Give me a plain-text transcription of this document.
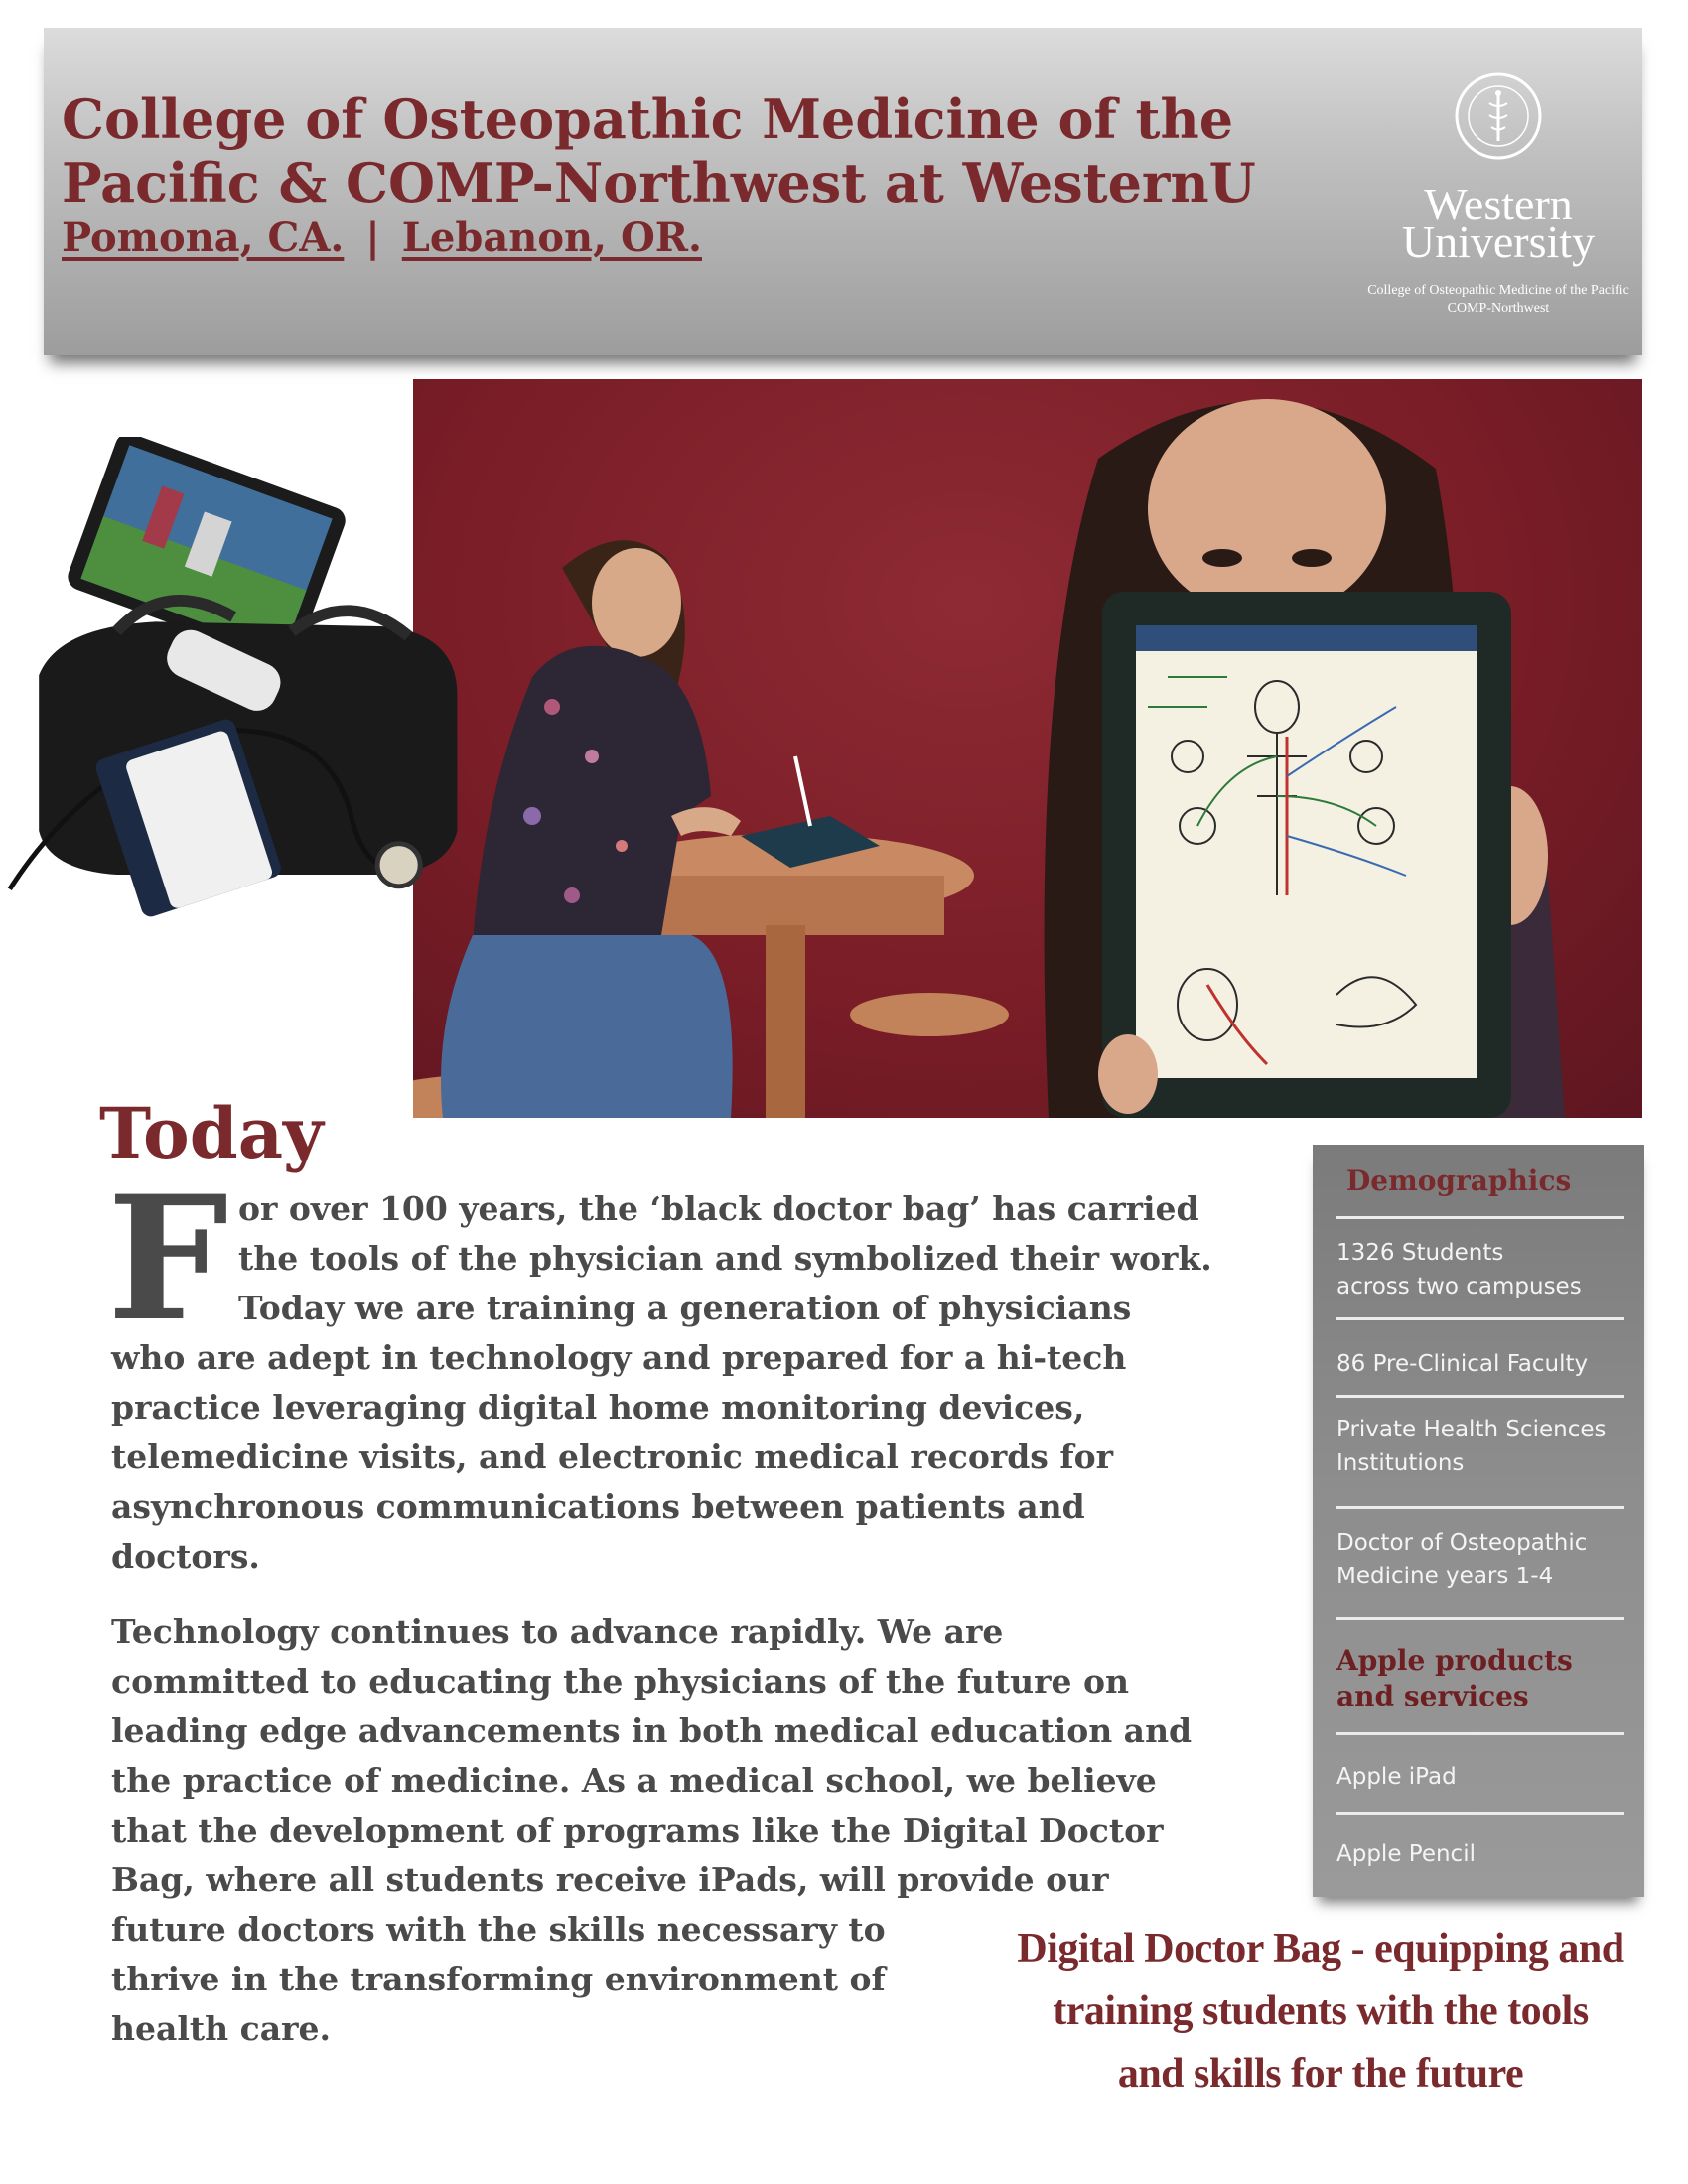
College of Osteopathic Medicine of the
Pacific & COMP-Northwest at WesternU
Pomona, CA. | Lebanon, OR.
Western
University
College of Osteopathic Medicine of the Pacific
COMP-Northwest
Today
F or over 100 years, the ‘black doctor bag’ has carried
the tools of the physician and symbolized their work.
Today we are training a generation of physicians
who are adept in technology and prepared for a hi-tech
practice leveraging digital home monitoring devices,
telemedicine visits, and electronic medical records for
asynchronous communications between patients and
doctors.
Technology continues to advance rapidly. We are
committed to educating the physicians of the future on
leading edge advancements in both medical education and
the practice of medicine. As a medical school, we believe
that the development of programs like the Digital Doctor
Bag, where all students receive iPads, will provide our
future doctors with the skills necessary to
thrive in the transforming environment of
health care.
Demographics
1326 Students
across two campuses
86 Pre-Clinical Faculty
Private Health Sciences
Institutions
Doctor of Osteopathic
Medicine years 1-4
Apple products
and services
Apple iPad
Apple Pencil
Digital Doctor Bag - equipping and
training students with the tools
and skills for the future
